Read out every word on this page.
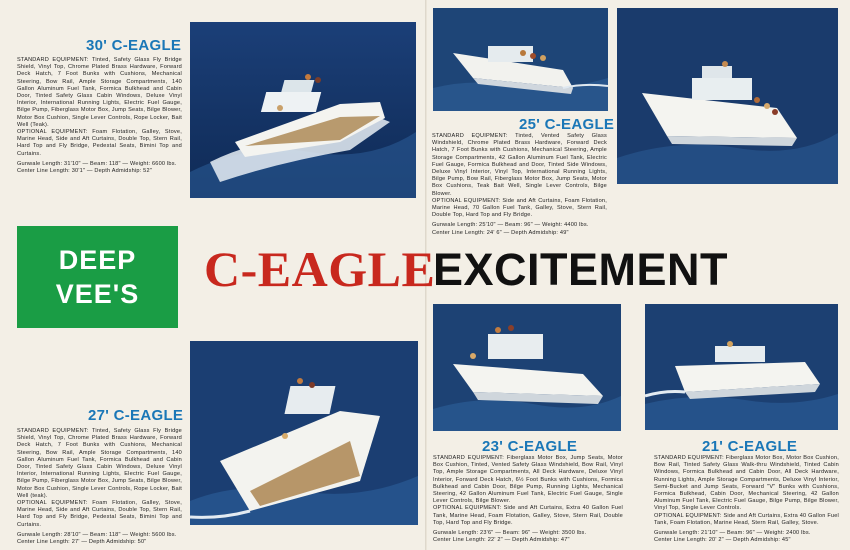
30' C-EAGLE

STANDARD EQUIPMENT: Tinted, Safety Glass Fly Bridge Shield, Vinyl Top, Chrome Plated Brass Hardware, Forward Deck Hatch, 7 Foot Bunks with Cushions, Mechanical Steering, Bow Rail, Ample Storage Compartments, 140 Gallon Aluminum Fuel Tank, Formica Bulkhead and Cabin Door, Tinted Safety Glass Cabin Windows, Deluxe Vinyl Interior, International Running Lights, Electric Fuel Gauge, Bilge Pump, Fiberglass Motor Box, Jump Seats, Bilge Blower, Motor Box Cushion, Single Lever Controls, Rope Locker, Bait Well (Teak).

OPTIONAL EQUIPMENT: Foam Flotation, Galley, Stove, Marine Head, Side and Aft Curtains, Double Top, Stern Rail, Hard Top and Fly Bridge, Pedestal Seats, Bimini Top and Curtains.

Gunwale Length: 31'10" — Beam: 118" — Weight: 6600 lbs.

Center Line Length: 30'1" — Depth Admidship: 52"

25' C-EAGLE

STANDARD EQUIPMENT: Tinted, Vented Safety Glass Windshield, Chrome Plated Brass Hardware, Forward Deck Hatch, 7 Foot Bunks with Cushions, Mechanical Steering, Ample Storage Compartments, 42 Gallon Aluminum Fuel Tank, Electric Fuel Gauge, Formica Bulkhead and Door, Tinted Side Windows, Deluxe Vinyl Interior, Vinyl Top, International Running Lights, Bilge Pump, Bow Rail, Fiberglass Motor Box, Jump Seats, Motor Box Cushions, Teak Bait Well, Single Lever Controls, Bilge Blower.

OPTIONAL EQUIPMENT: Side and Aft Curtains, Foam Flotation, Marine Head, 70 Gallon Fuel Tank, Galley, Stove, Stern Rail, Double Top, Hard Top and Fly Bridge.

Gunwale Length: 25'10" — Beam: 96" — Weight: 4400 lbs.

Center Line Length: 24' 6" — Depth Admidship: 49"

DEEP
VEE'S C-EAGLE
EXCITEMENT
27' C-EAGLE

STANDARD EQUIPMENT: Tinted, Safety Glass Fly Bridge Shield, Vinyl Top, Chrome Plated Brass Hardware, Forward Deck Hatch, 7 Foot Bunks with Cushions, Mechanical Steering, Bow Rail, Ample Storage Compartments, 140 Gallon Aluminum Fuel Tank, Formica Bulkhead and Cabin Door, Tinted Safety Glass Cabin Windows, Deluxe Vinyl Interior, International Running Lights, Electric Fuel Gauge, Bilge Pump, Fiberglass Motor Box, Jump Seats, Bilge Blower, Motor Box Cushion, Single Lever Controls, Rope Locker, Bait Well (teak).

OPTIONAL EQUIPMENT: Foam Flotation, Galley, Stove, Marine Head, Side and Aft Curtains, Double Top, Stern Rail, Hard Top and Fly Bridge, Pedestal Seats, Bimini Top and Curtains.

Gunwale Length: 28'10" — Beam: 118" — Weight: 5600 lbs.

Center Line Length: 27' — Depth Admidship: 50"

23' C-EAGLE

STANDARD EQUIPMENT: Fiberglass Motor Box, Jump Seats, Motor Box Cushion, Tinted, Vented Safety Glass Windshield, Bow Rail, Vinyl Top, Ample Storage Compartments, All Deck Hardware, Deluxe Vinyl Interior, Forward Deck Hatch, 6½ Foot Bunks with Cushions, Formica Bulkhead and Cabin Door, Bilge Pump, Running Lights, Mechanical Steering, 42 Gallon Aluminum Fuel Tank, Electric Fuel Gauge, Single Lever Controls, Bilge Blower.

OPTIONAL EQUIPMENT: Side and Aft Curtains, Extra 40 Gallon Fuel Tank, Marine Head, Foam Flotation, Galley, Stove, Stern Rail, Double Top, Hard Top and Fly Bridge.

Gunwale Length: 23'6" — Beam: 96" — Weight: 3500 lbs.

Center Line Length: 22' 2" — Depth Admidship: 47"

21' C-EAGLE

STANDARD EQUIPMENT: Fiberglass Motor Box, Motor Box Cushion, Bow Rail, Tinted Safety Glass Walk-thru Windshield, Tinted Cabin Windows, Formica Bulkhead and Cabin Door, All Deck Hardware, Running Lights, Ample Storage Compartments, Deluxe Vinyl Interior, Semi-Bucket and Jump Seats, Forward "V" Bunks with Cushions, Formica Bulkhead, Cabin Door, Mechanical Steering, 42 Gallon Aluminum Fuel Tank, Electric Fuel Gauge, Bilge Pump, Bilge Blower, Vinyl Top, Single Lever Controls.

OPTIONAL EQUIPMENT: Side and Aft Curtains, Extra 40 Gallon Fuel Tank, Foam Flotation, Marine Head, Stern Rail, Galley, Stove.

Gunwale Length: 21'10" — Beam: 96" — Weight: 2400 lbs.

Center Line Length: 20' 2" — Depth Admidship: 45"
